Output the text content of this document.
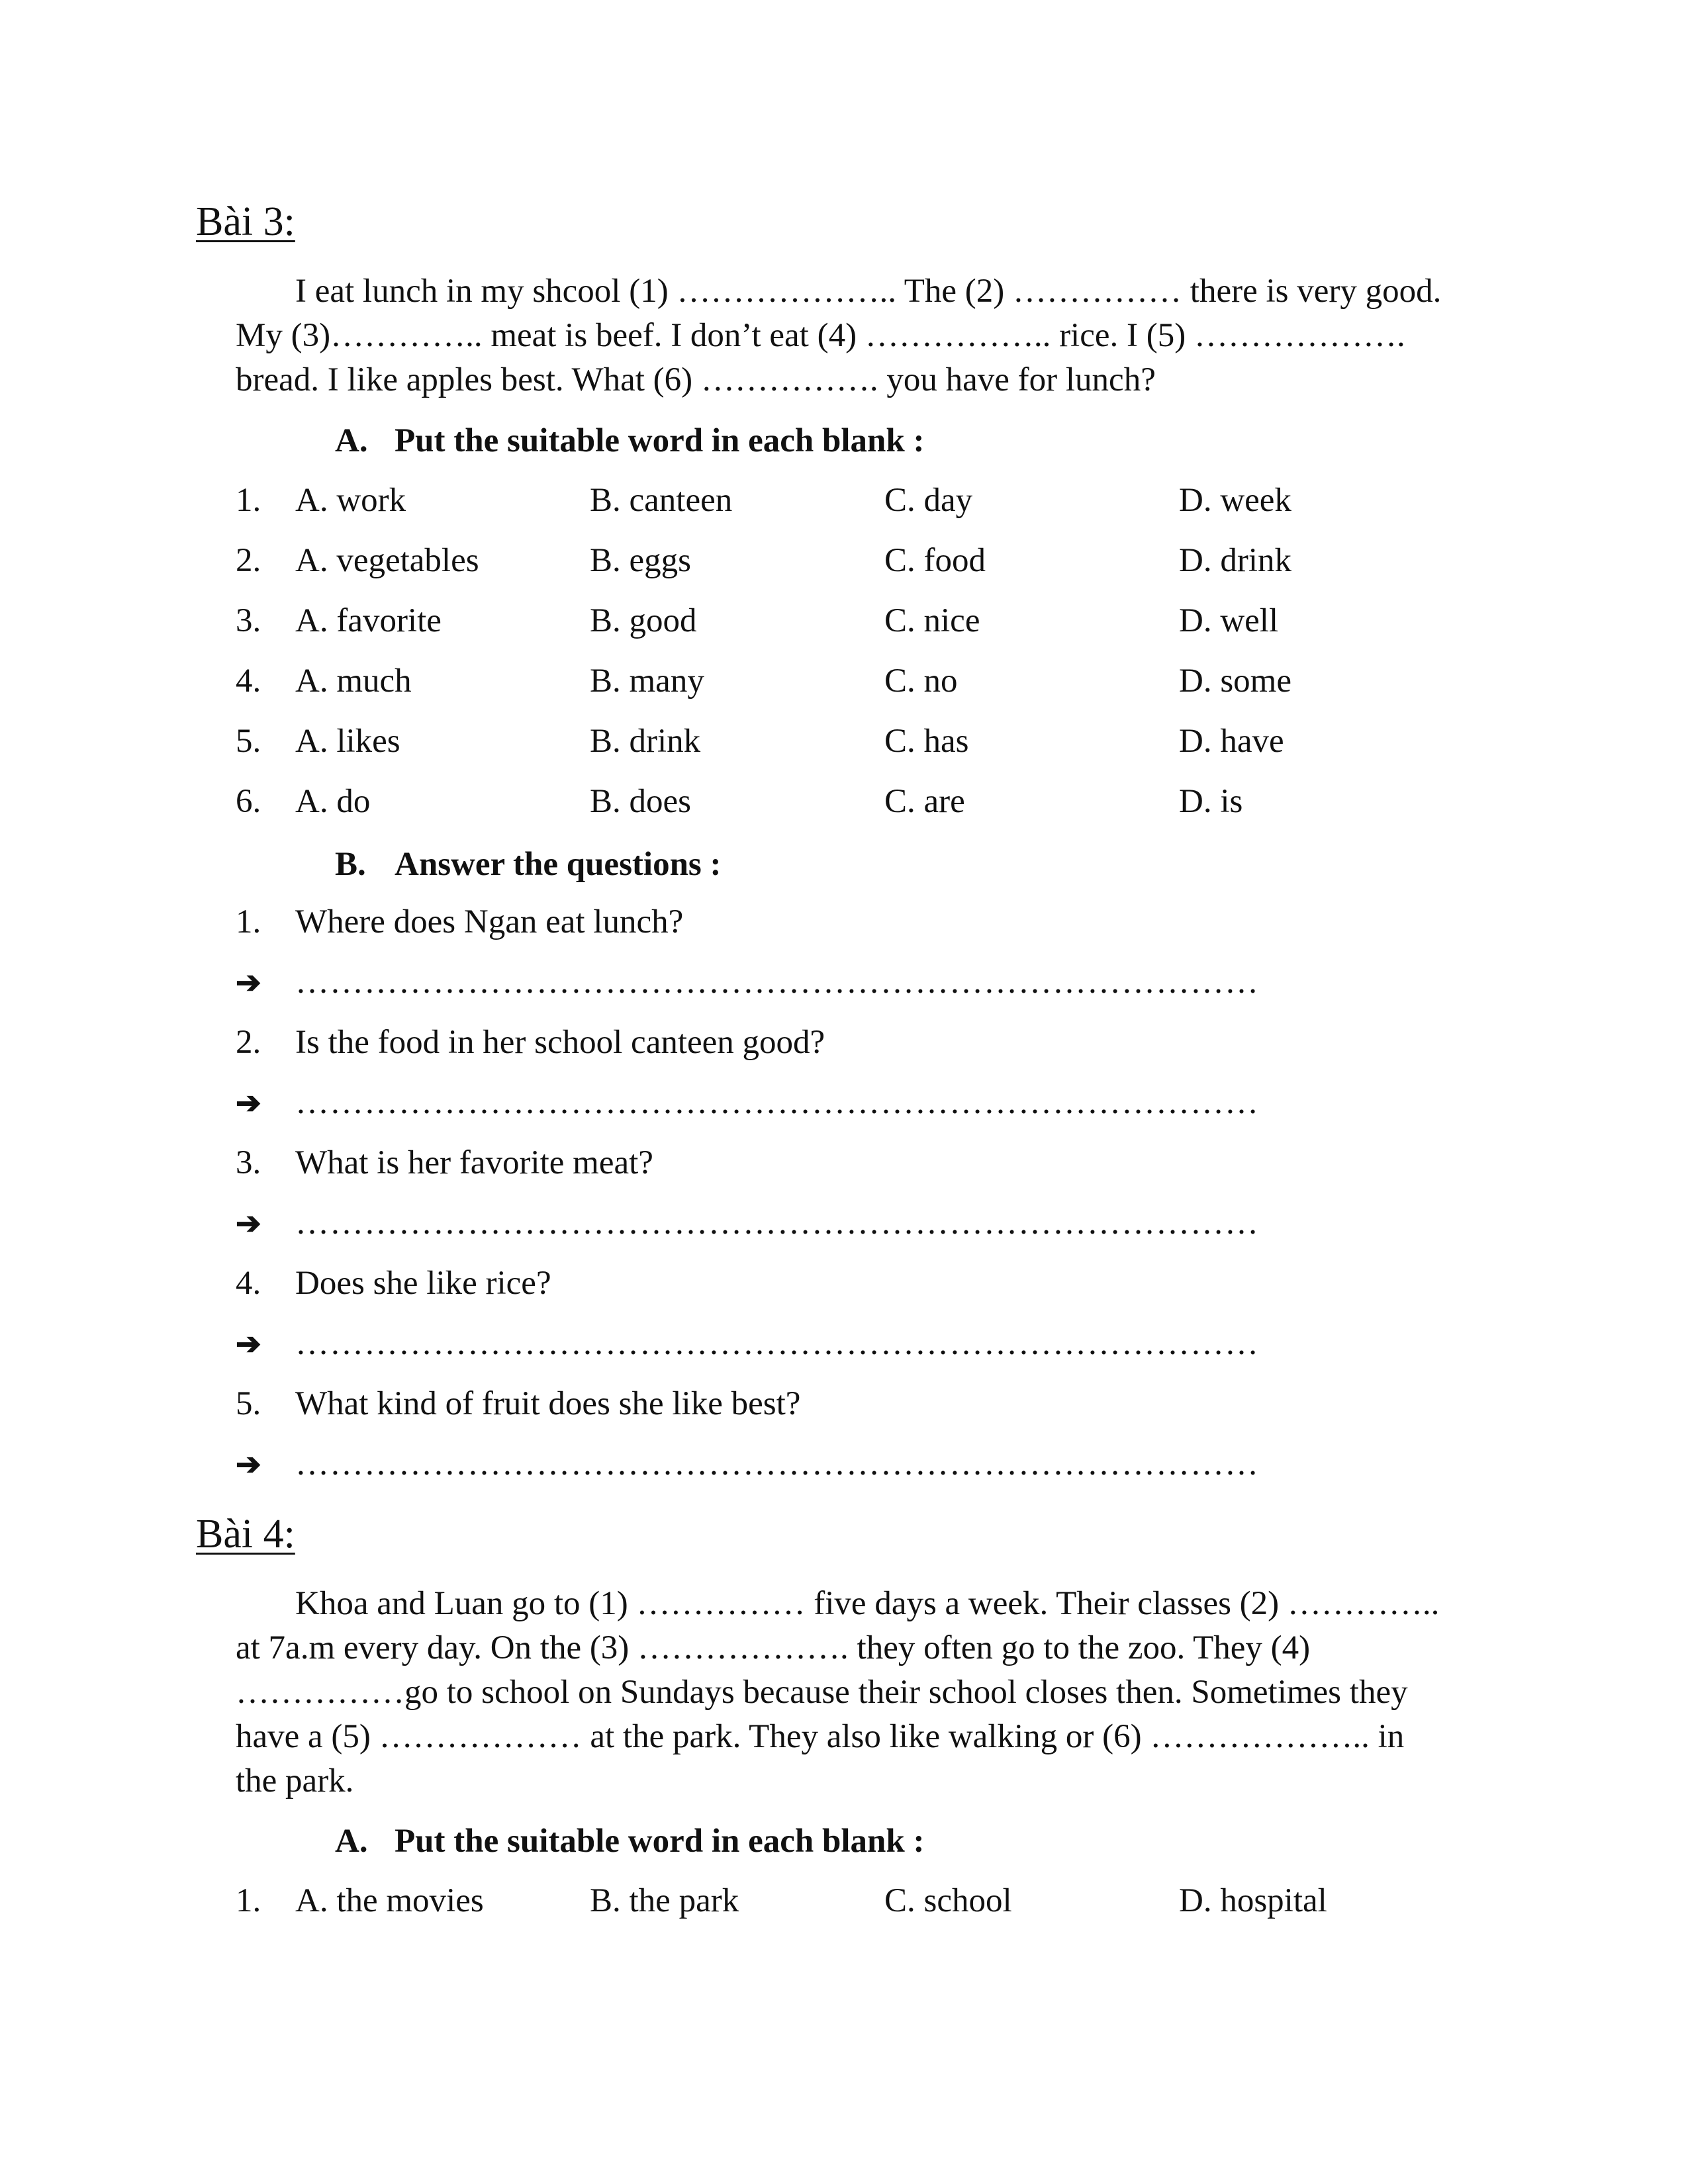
Bài 3:
I eat lunch in my shcool (1) ……………….. The (2) …………… there is very good.
My (3)………….. meat is beef. I don’t eat (4) …………….. rice. I (5) ……………….
bread. I like apples best. What (6) ……………. you have for lunch?
A. Put the suitable word in each blank :
1. A. work	B. canteen	C. day	D. week
2. A. vegetables	B. eggs	C. food	D. drink
3. A. favorite	B. good	C. nice	D. well
4. A. much	B. many	C. no	D. some
5. A. likes	B. drink	C. has	D. have
6. A. do	B. does	C. are	D. is
B. Answer the questions :
1. Where does Ngan eat lunch?
➔ …………………………………………………………………………
2. Is the food in her school canteen good?
➔ …………………………………………………………………………
3. What is her favorite meat?
➔ …………………………………………………………………………
4. Does she like rice?
➔ …………………………………………………………………………
5. What kind of fruit does she like best?
➔ …………………………………………………………………………
Bài 4:
Khoa and Luan go to (1) …………… five days a week. Their classes (2) …………..
at 7a.m every day. On the (3) ………………. they often go to the zoo. They (4)
……………go to school on Sundays because their school closes then. Sometimes they
have a (5) ……………… at the park. They also like walking or (6) ……………….. in
the park.
A. Put the suitable word in each blank :
1. A. the movies	B. the park	C. school	D. hospital
